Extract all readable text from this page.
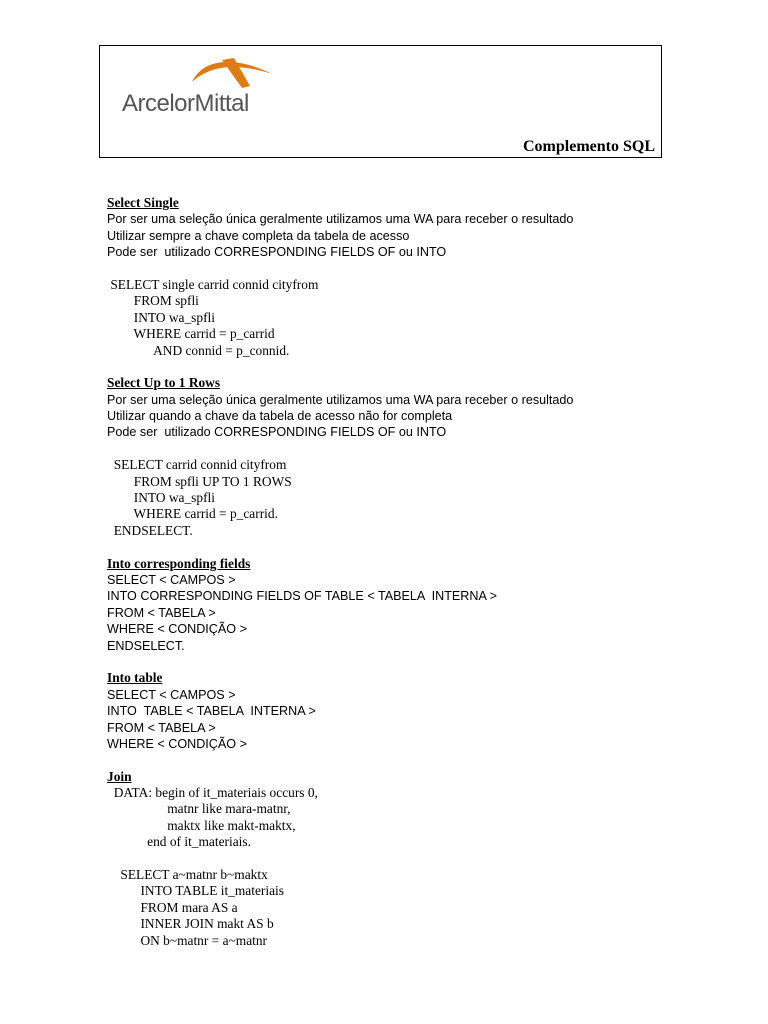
ArcelorMittal
Complemento SQL
Select Single
Por ser uma seleção única geralmente utilizamos uma WA para receber o resultado
Utilizar sempre a chave completa da tabela de acesso
Pode ser  utilizado CORRESPONDING FIELDS OF ou INTO
SELECT single carrid connid cityfrom
FROM spfli
INTO wa_spfli
WHERE carrid = p_carrid
AND connid = p_connid.
Select Up to 1 Rows
Por ser uma seleção única geralmente utilizamos uma WA para receber o resultado
Utilizar quando a chave da tabela de acesso não for completa
Pode ser  utilizado CORRESPONDING FIELDS OF ou INTO
SELECT carrid connid cityfrom
FROM spfli UP TO 1 ROWS
INTO wa_spfli
WHERE carrid = p_carrid.
ENDSELECT.
Into corresponding fields
SELECT < CAMPOS >
INTO CORRESPONDING FIELDS OF TABLE < TABELA  INTERNA >
FROM < TABELA >
WHERE < CONDIÇÃO >
ENDSELECT.
Into table
SELECT < CAMPOS >
INTO  TABLE < TABELA  INTERNA >
FROM < TABELA >
WHERE < CONDIÇÃO >
Join
DATA: begin of it_materiais occurs 0,
matnr like mara-matnr,
maktx like makt-maktx,
end of it_materiais.
SELECT a~matnr b~maktx
INTO TABLE it_materiais
FROM mara AS a
INNER JOIN makt AS b
ON b~matnr = a~matnr
